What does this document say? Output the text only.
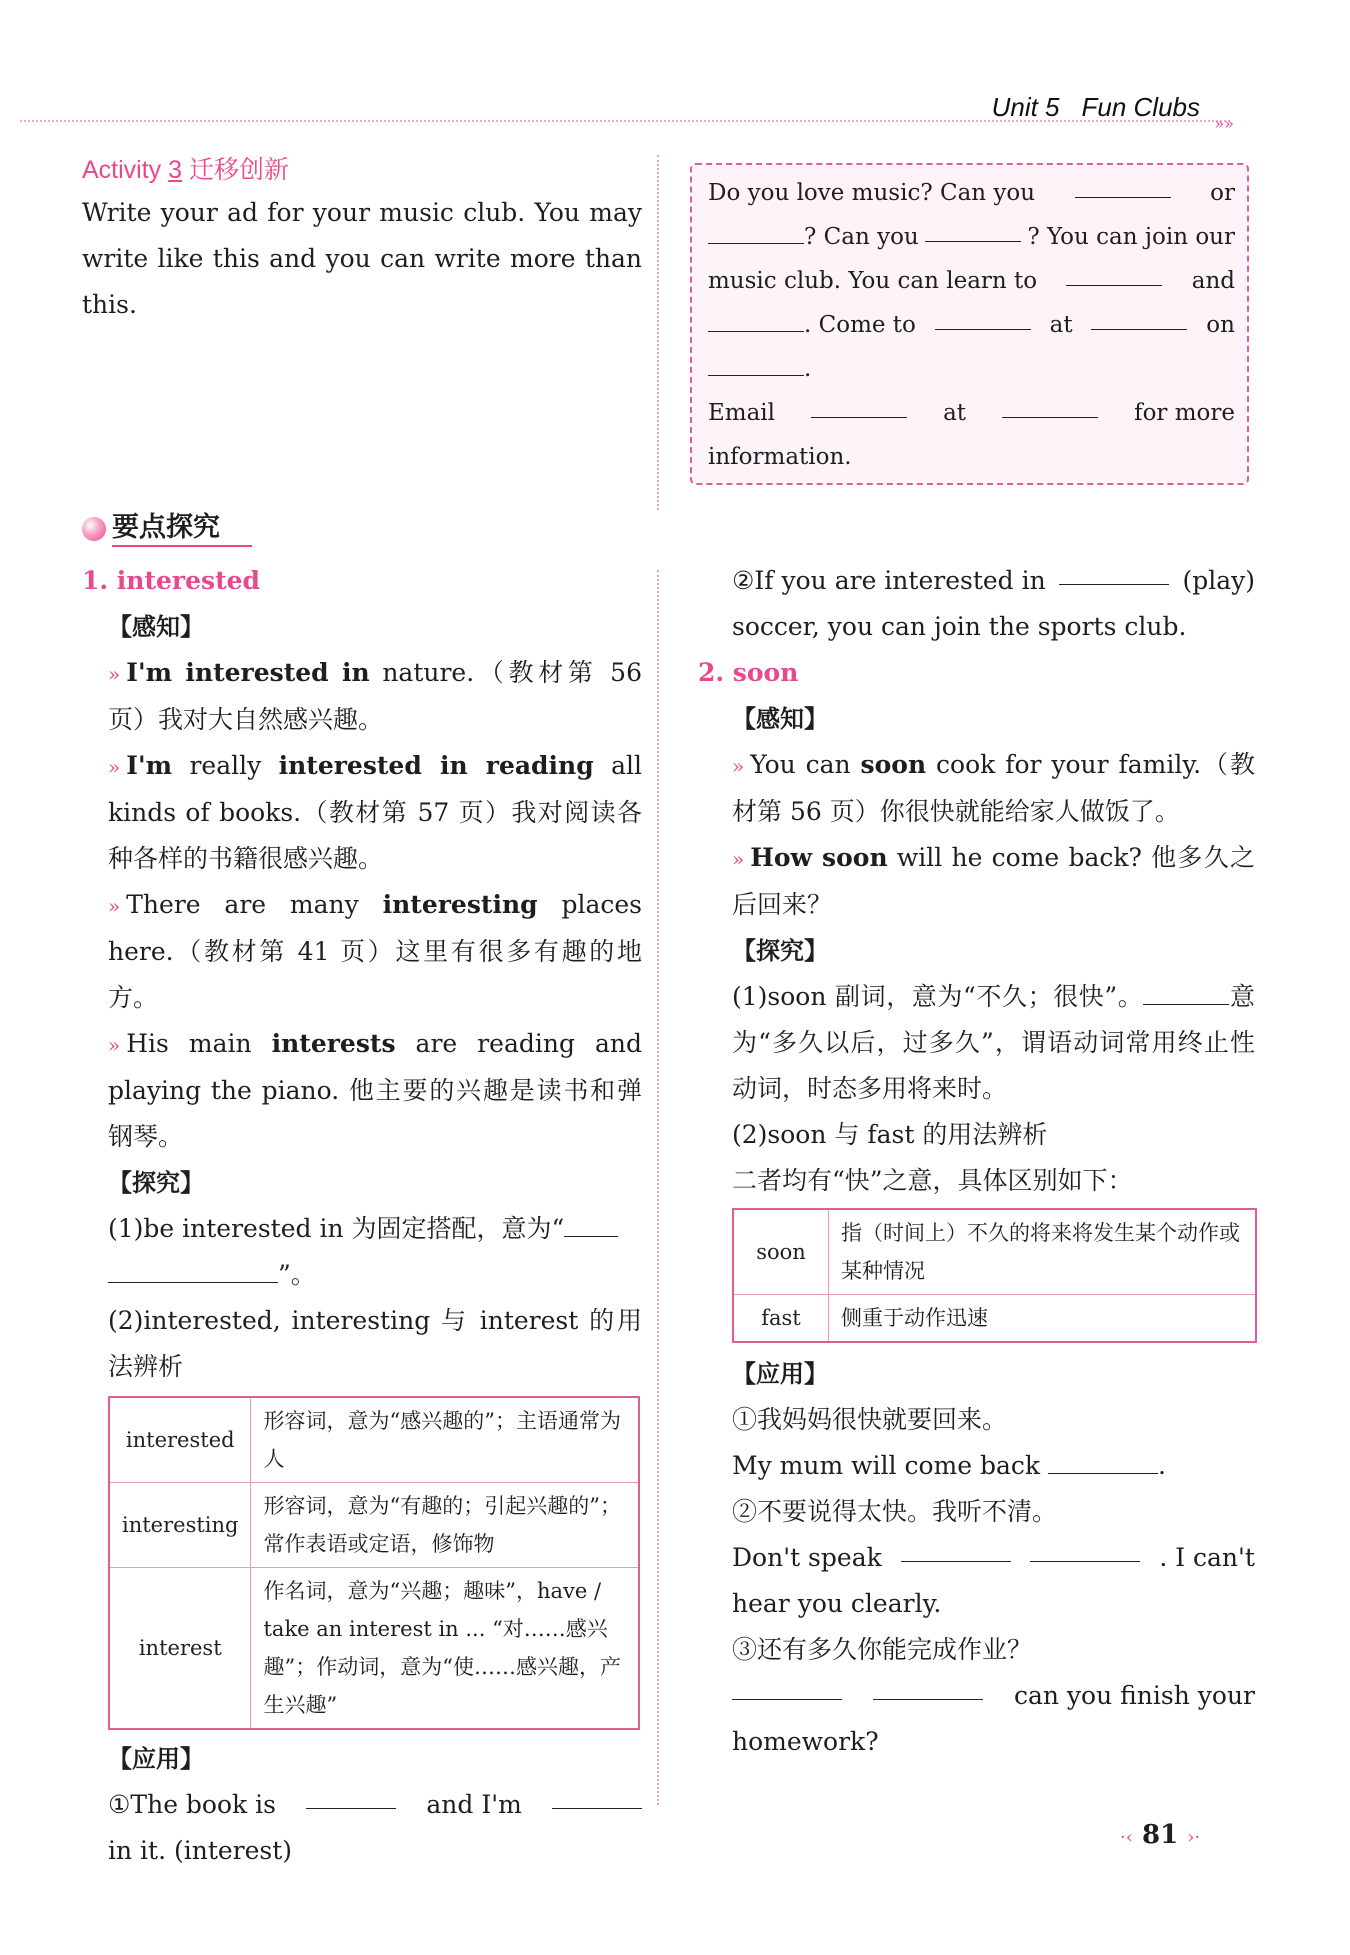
Unit 5 Fun Clubs
»»
Activity 3 迁移创新
Write your ad for your music club. You may write like this and you can write more than this.
Do you love music? Can you	or
? Can you	? You can join our
music club. You can learn to	and
. Come to	at	on
.
Email	at	for more
information.
要点探究
1. interested
【感知】
» I'm interested in nature.（教材第 56 页）我对大自然感兴趣。
» I'm really interested in reading all kinds of books.（教材第 57 页）我对阅读各种各样的书籍很感兴趣。
» There are many interesting places here.（教材第 41 页）这里有很多有趣的地方。
» His main interests are reading and playing the piano. 他主要的兴趣是读书和弹钢琴。
【探究】
(1)be interested in 为固定搭配，意为“
”。
(2)interested, interesting 与 interest 的用法辨析
interested	形容词，意为“感兴趣的”；主语通常为人
interesting	形容词，意为“有趣的；引起兴趣的”；常作表语或定语，修饰物
interest	作名词，意为“兴趣；趣味”，have / take an interest in ... “对……感兴趣”；作动词，意为“使……感兴趣，产生兴趣”
【应用】
①The book is	and I'm
in it. (interest)
②If you are interested in	(play)
soccer, you can join the sports club.
2. soon
【感知】
» You can soon cook for your family.（教材第 56 页）你很快就能给家人做饭了。
» How soon will he come back? 他多久之后回来？
【探究】
(1)soon 副词，意为“不久；很快”。	意为“多久以后，过多久”，谓语动词常用终止性动词，时态多用将来时。
(2)soon 与 fast 的用法辨析
二者均有“快”之意，具体区别如下：
soon	指（时间上）不久的将来将发生某个动作或某种情况
fast	侧重于动作迅速
【应用】
①我妈妈很快就要回来。
My mum will come back	.
②不要说得太快。我听不清。
Don't speak	. I can't
hear you clearly.
③还有多久你能完成作业？
can you finish your
homework?
·‹ 81 ›·
